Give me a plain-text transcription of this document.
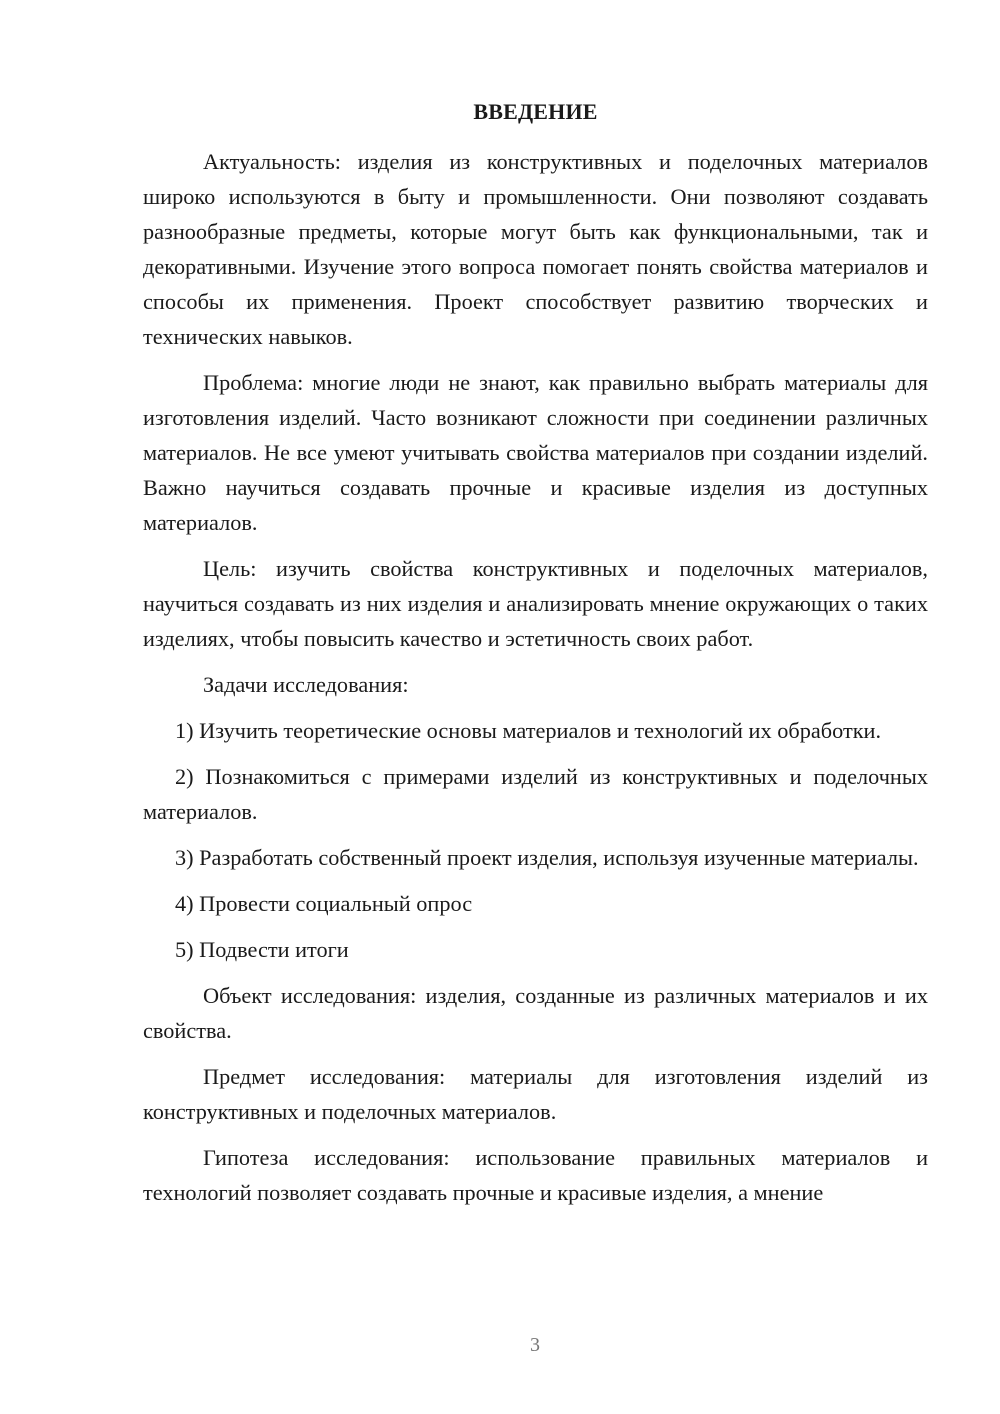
ВВЕДЕНИЕ

Актуальность: изделия из конструктивных и поделочных материалов широко используются в быту и промышленности. Они позволяют создавать разнообразные предметы, которые могут быть как функциональными, так и декоративными. Изучение этого вопроса помогает понять свойства материалов и способы их применения. Проект способствует развитию творческих и технических навыков.

Проблема: многие люди не знают, как правильно выбрать материалы для изготовления изделий. Часто возникают сложности при соединении различных материалов. Не все умеют учитывать свойства материалов при создании изделий. Важно научиться создавать прочные и красивые изделия из доступных материалов.

Цель: изучить свойства конструктивных и поделочных материалов, научиться создавать из них изделия и анализировать мнение окружающих о таких изделиях, чтобы повысить качество и эстетичность своих работ.

Задачи исследования:

1) Изучить теоретические основы материалов и технологий их обработки.

2) Познакомиться с примерами изделий из конструктивных и поделочных материалов.

3) Разработать собственный проект изделия, используя изученные материалы.

4) Провести социальный опрос

5) Подвести итоги

Объект исследования: изделия, созданные из различных материалов и их свойства.

Предмет исследования: материалы для изготовления изделий из конструктивных и поделочных материалов.

Гипотеза исследования: использование правильных материалов и технологий позволяет создавать прочные и красивые изделия, а мнение

3
